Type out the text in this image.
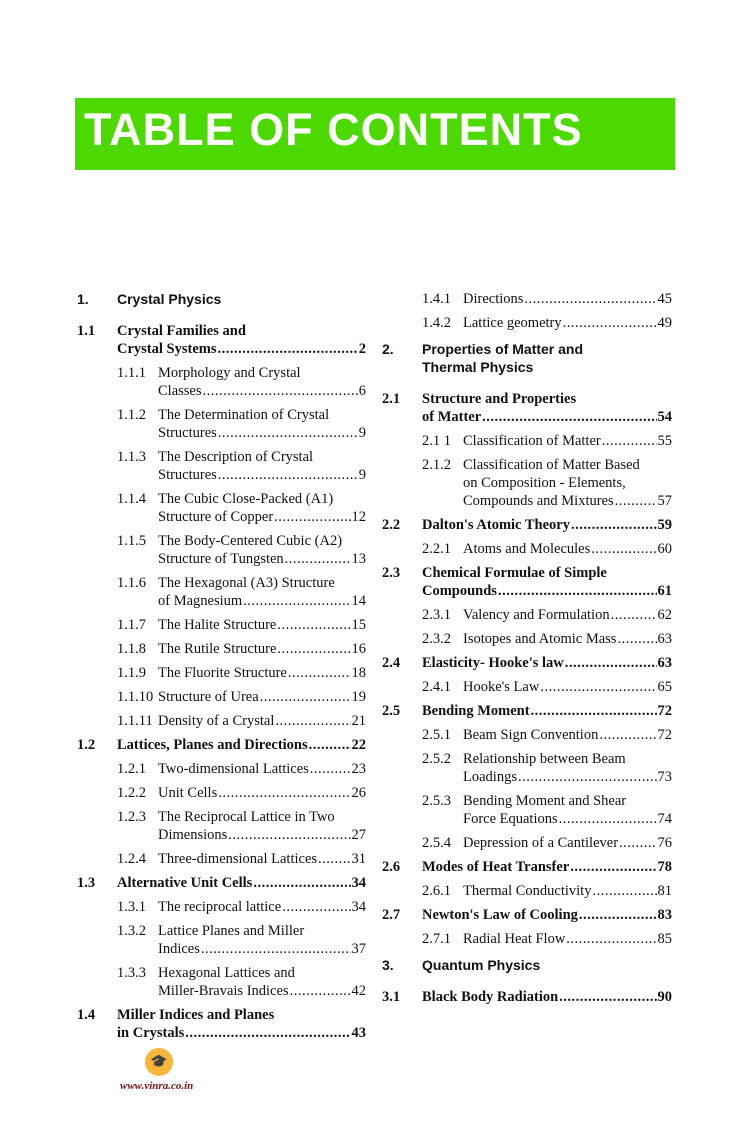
TABLE OF CONTENTS
1.	Crystal Physics
1.1	Crystal Families and
Crystal Systems .....	2
1.1.1 Morphology and Crystal
Classes .....	6
1.1.2 The Determination of Crystal
Structures .....	9
1.1.3 The Description of Crystal
Structures .....	9
1.1.4 The Cubic Close-Packed (A1)
Structure of Copper .....	12
1.1.5 The Body-Centered Cubic (A2)
Structure of Tungsten .....	13
1.1.6 The Hexagonal (A3) Structure
of Magnesium .....	14
1.1.7 The Halite Structure .....	15
1.1.8 The Rutile Structure .....	16
1.1.9 The Fluorite Structure .....	18
1.1.10 Structure of Urea .....	19
1.1.11 Density of a Crystal .....	21
1.2	Lattices, Planes and Directions .....	22
1.2.1 Two-dimensional Lattices .....	23
1.2.2 Unit Cells .....	26
1.2.3 The Reciprocal Lattice in Two
Dimensions .....	27
1.2.4 Three-dimensional Lattices ..... 31
1.3	Alternative Unit Cells .....	34
1.3.1 The reciprocal lattice .....	34
1.3.2 Lattice Planes and Miller
Indices .....	37
1.3.3 Hexagonal Lattices and
Miller-Bravais Indices .....	42
1.4	Miller Indices and Planes
in Crystals .....	43
1.4.1 Directions .....	45
1.4.2 Lattice geometry .....	49
2.	Properties of Matter and
Thermal Physics
2.1	Structure and Properties
of Matter .....	54
2.1 1 Classification of Matter .....	55
2.1.2 Classification of Matter Based
on Composition - Elements,
Compounds and Mixtures .....	57
2.2	Dalton's Atomic Theory .....	59
2.2.1 Atoms and Molecules .....	60
2.3	Chemical Formulae of Simple
Compounds .....	61
2.3.1 Valency and Formulation .....	62
2.3.2 Isotopes and Atomic Mass .....	63
2.4	Elasticity- Hooke's law .....	63
2.4.1 Hooke's Law .....	65
2.5	Bending Moment .....	72
2.5.1 Beam Sign Convention .....	72
2.5.2 Relationship between Beam
Loadings .....	73
2.5.3 Bending Moment and Shear
Force Equations .....	74
2.5.4 Depression of a Cantilever .....	76
2.6	Modes of Heat Transfer .....	78
2.6.1 Thermal Conductivity .....	81
2.7	Newton's Law of Cooling .....	83
2.7.1 Radial Heat Flow .....	85
3.	Quantum Physics
3.1	Black Body Radiation .....	90
🎓
www.vinra.co.in
